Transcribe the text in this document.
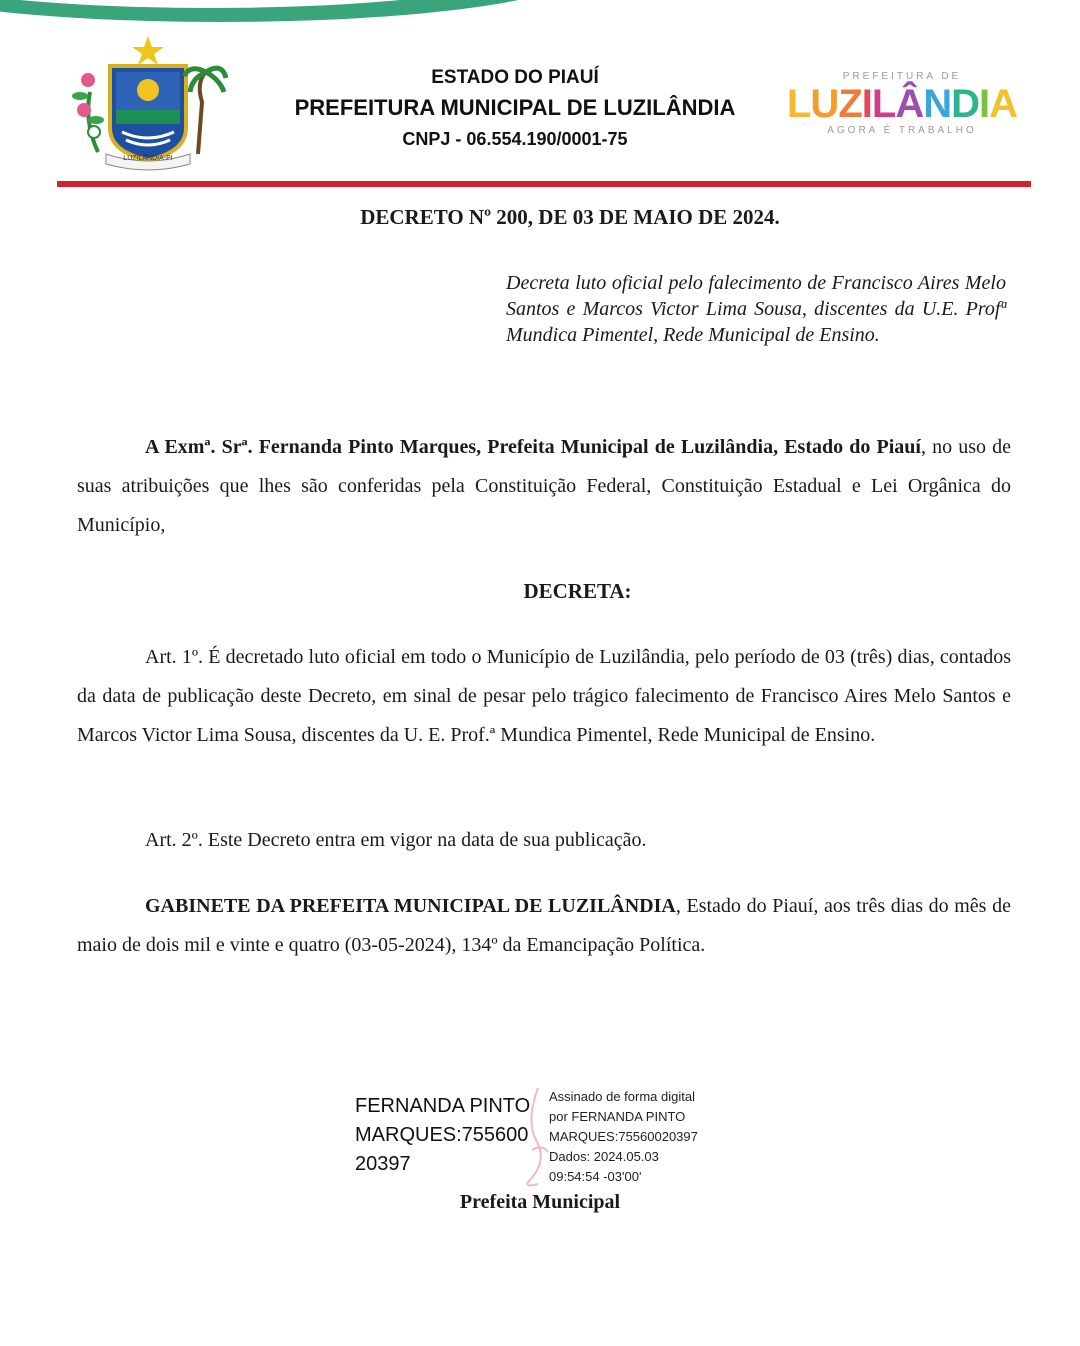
LUZILÂNDIA-PI
ESTADO DO PIAUÍ
PREFEITURA MUNICIPAL DE LUZILÂNDIA
CNPJ - 06.554.190/0001-75
PREFEITURA DE
LUZILÂNDIA
AGORA É TRABALHO
DECRETO Nº 200, DE 03 DE MAIO DE 2024.
Decreta luto oficial pelo falecimento de Francisco Aires Melo Santos e Marcos Victor Lima Sousa, discentes da U.E. Profª Mundica Pimentel, Rede Municipal de Ensino.
A Exmª. Srª. Fernanda Pinto Marques, Prefeita Municipal de Luzilândia, Estado do Piauí, no uso de suas atribuições que lhes são conferidas pela Constituição Federal, Constituição Estadual e Lei Orgânica do Município,
DECRETA:
Art. 1º. É decretado luto oficial em todo o Município de Luzilândia, pelo período de 03 (três) dias, contados da data de publicação deste Decreto, em sinal de pesar pelo trágico falecimento de Francisco Aires Melo Santos e Marcos Victor Lima Sousa, discentes da U. E. Prof.ª Mundica Pimentel, Rede Municipal de Ensino.
Art. 2º. Este Decreto entra em vigor na data de sua publicação.
GABINETE DA PREFEITA MUNICIPAL DE LUZILÂNDIA, Estado do Piauí, aos três dias do mês de maio de dois mil e vinte e quatro (03-05-2024), 134º da Emancipação Política.
FERNANDA PINTO
MARQUES:755600
20397
Assinado de forma digital
por FERNANDA PINTO
MARQUES:75560020397
Dados: 2024.05.03
09:54:54 -03'00'
Prefeita Municipal
